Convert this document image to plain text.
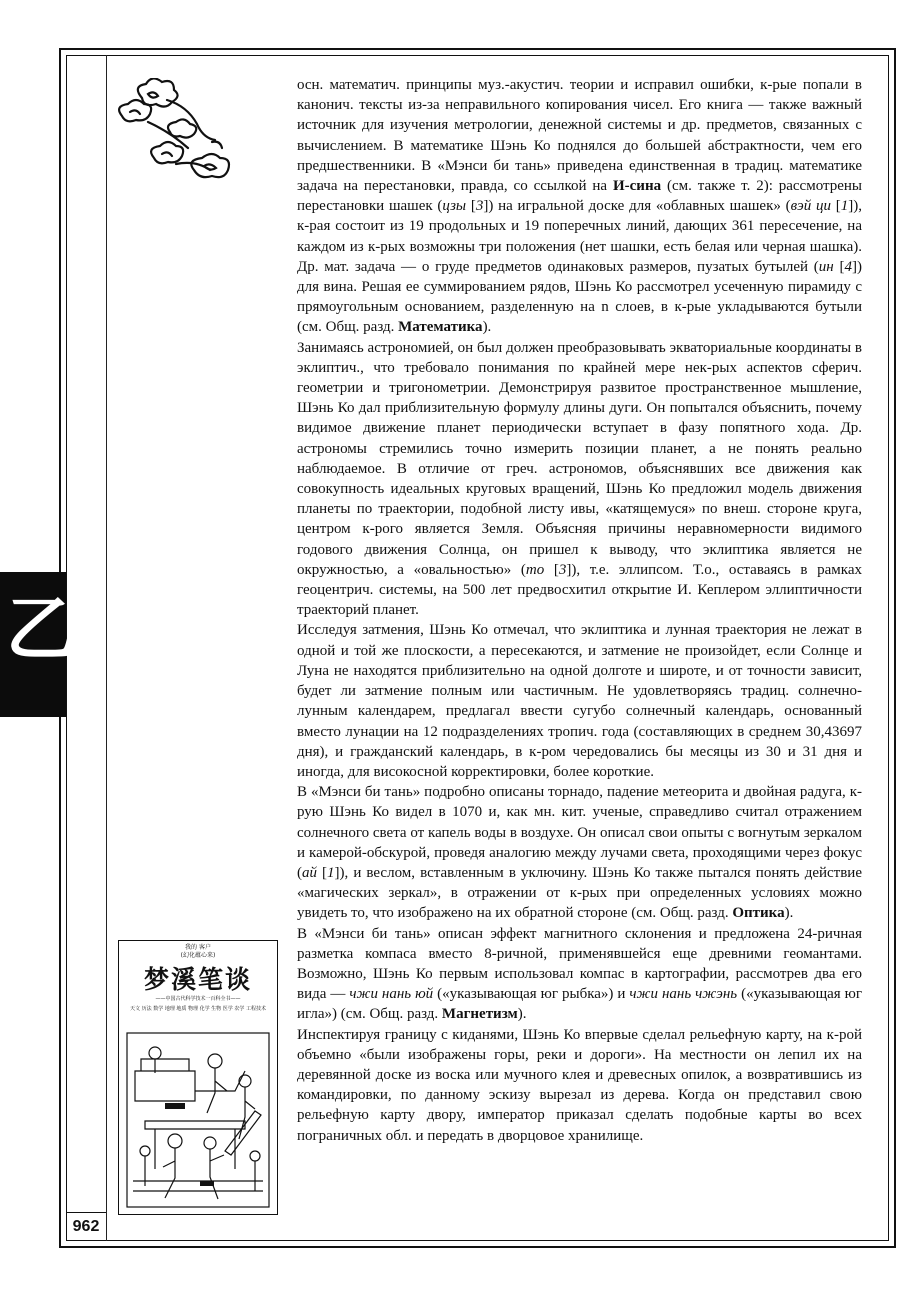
乙
962
我的 客户
(幻化蕴心来)
梦溪笔谈
——中国古代科学技术一百科全书——
天文 历法 数学 地理 地质 物理 化学 生物 医学 农学 工程技术

осн. математич. принципы муз.-акустич. теории и исправил ошибки, к-рые попали в канонич. тексты из-за неправильного копирования чисел. Его книга — также важный источник для изучения метрологии, денежной системы и др. предметов, связанных с вычислением. В математике Шэнь Ко поднялся до большей абстрактности, чем его предшественники. В «Мэнси би тань» приведена единственная в традиц. математике задача на перестановки, правда, со ссылкой на И-сина (см. также т. 2): рассмотрены перестановки шашек (цзы [3]) на игральной доске для «облавных шашек» (вэй ци [1]), к-рая состоит из 19 продольных и 19 поперечных линий, дающих 361 пересечение, на каждом из к-рых возможны три положения (нет шашки, есть белая или черная шашка). Др. мат. задача — о груде предметов одинаковых размеров, пузатых бутылей (ин [4]) для вина. Решая ее суммированием рядов, Шэнь Ко рассмотрел усеченную пирамиду с прямоугольным основанием, разделенную на n слоев, в к-рые укладываются бутыли (см. Общ. разд. Математика).

Занимаясь астрономией, он был должен преобразовывать экваториальные координаты в эклиптич., что требовало понимания по крайней мере нек-рых аспектов сферич. геометрии и тригонометрии. Демонстрируя развитое пространственное мышление, Шэнь Ко дал приблизительную формулу длины дуги. Он попытался объяснить, почему видимое движение планет периодически вступает в фазу попятного хода. Др. астрономы стремились точно измерить позиции планет, а не понять реально наблюдаемое. В отличие от греч. астрономов, объяснявших все движения как совокупность идеальных круговых вращений, Шэнь Ко предложил модель движения планеты по траектории, подобной листу ивы, «катящемуся» по внеш. стороне круга, центром к-рого является Земля. Объясняя причины неравномерности видимого годового движения Солнца, он пришел к выводу, что эклиптика является не окружностью, а «овальностью» (то [3]), т.е. эллипсом. Т.о., оставаясь в рамках геоцентрич. системы, на 500 лет предвосхитил открытие И. Кеплером эллиптичности траекторий планет.

Исследуя затмения, Шэнь Ко отмечал, что эклиптика и лунная траектория не лежат в одной и той же плоскости, а пересекаются, и затмение не произойдет, если Солнце и Луна не находятся приблизительно на одной долготе и широте, и от точности зависит, будет ли затмение полным или частичным. Не удовлетворяясь традиц. солнечно-лунным календарем, предлагал ввести сугубо солнечный календарь, основанный вместо лунации на 12 подразделениях тропич. года (составляющих в среднем 30,43697 дня), и гражданский календарь, в к-ром чередовались бы месяцы из 30 и 31 дня и иногда, для високосной корректировки, более короткие.

В «Мэнси би тань» подробно описаны торнадо, падение метеорита и двойная радуга, к-рую Шэнь Ко видел в 1070 и, как мн. кит. ученые, справедливо считал отражением солнечного света от капель воды в воздухе. Он описал свои опыты с вогнутым зеркалом и камерой-обскурой, проведя аналогию между лучами света, проходящими через фокус (ай [1]), и веслом, вставленным в уключину. Шэнь Ко также пытался понять действие «магических зеркал», в отражении от к-рых при определенных условиях можно увидеть то, что изображено на их обратной стороне (см. Общ. разд. Оптика).

В «Мэнси би тань» описан эффект магнитного склонения и предложена 24-ричная разметка компаса вместо 8-ричной, применявшейся еще древними геомантами. Возможно, Шэнь Ко первым использовал компас в картографии, рассмотрев два его вида — чжи нань юй («указывающая юг рыбка») и чжи нань чжэнь («указывающая юг игла») (см. Общ. разд. Магнетизм).

Инспектируя границу с киданями, Шэнь Ко впервые сделал рельефную карту, на к-рой объемно «были изображены горы, реки и дороги». На местности он лепил их на деревянной доске из воска или мучного клея и древесных опилок, а возвратившись из командировки, по данному эскизу вырезал из дерева. Когда он представил свою рельефную карту двору, император приказал сделать подобные карты во всех пограничных обл. и передать в дворцовое хранилище.
